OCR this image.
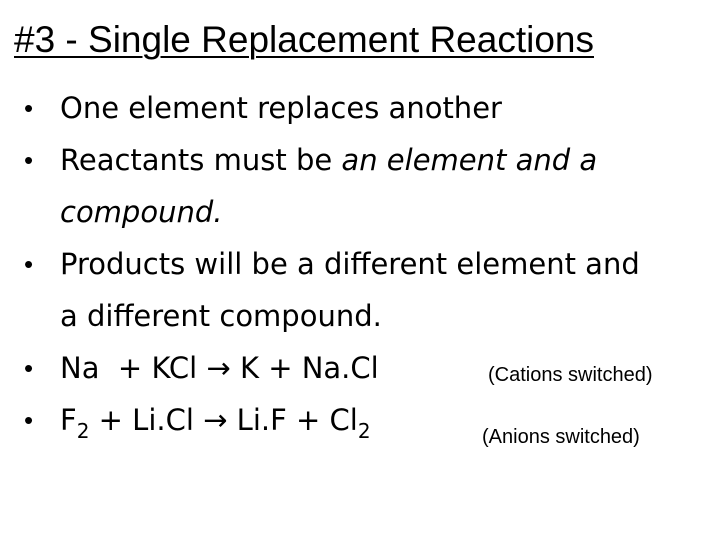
#3 - Single Replacement Reactions
• One element replaces another
• Reactants must be an element and a
compound.
• Products will be a different element and
a different compound.
• Na + KCl → K + Na.Cl
• $F_2 + Li.Cl \to Li.F + Cl_2$
(Cations switched)
(Anions switched)
